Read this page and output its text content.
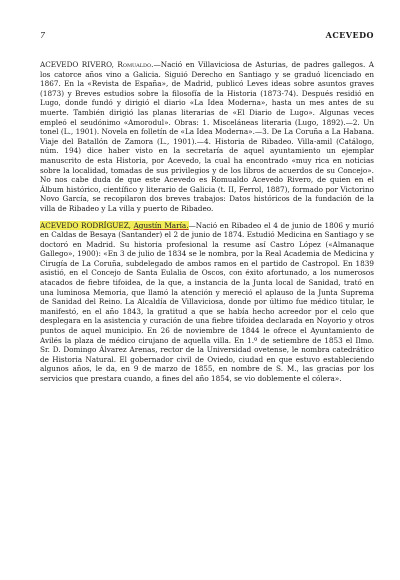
7	ACEVEDO

ACEVEDO RIVERO, Romualdo.—Nació en Villaviciosa de Asturias, de padres gallegos. A los catorce años vino a Galicia. Siguió Derecho en Santiago y se graduó licenciado en 1867. En la «Revista de España», de Madrid, publicó Leves ideas sobre asuntos graves (1873) y Breves estudios sobre la filosofía de la Historia (1873-74). Después residió en Lugo, donde fundó y dirigió el diario «La Idea Moderna», hasta un mes antes de su muerte. También dirigió las planas literarias de «El Diario de Lugo». Algunas veces empleó el seudónimo «Amorodul». Obras: 1. Misceláneas literaria (Lugo, 1892).—2. Un tonel (L., 1901). Novela en folletín de «La Idea Moderna».—3. De La Coruña a La Habana. Viaje del Batallón de Zamora (L., 1901).—4. Historia de Ribadeo. Villa-amil (Catálogo, núm. 194) dice haber visto en la secretaría de aquel ayuntamiento un ejemplar manuscrito de esta Historia, por Acevedo, la cual ha encontrado «muy rica en noticias sobre la localidad, tomadas de sus privilegios y de los libros de acuerdos de su Concejo». No nos cabe duda de que este Acevedo es Romualdo Acevedo Rivero, de quien en el Álbum histórico, científico y literario de Galicia (t. II, Ferrol, 1887), formado por Victorino Novo García, se recopilaron dos breves trabajos: Datos históricos de la fundación de la villa de Ribadeo y La villa y puerto de Ribadeo.

ACEVEDO RODRÍGUEZ, Agustín María.—Nació en Ribadeo el 4 de junio de 1806 y murió en Caldas de Besaya (Santander) el 2 de junio de 1874. Estudió Medicina en Santiago y se doctoró en Madrid. Su historia profesional la resume así Castro López («Almanaque Gallego», 1900): «En 3 de julio de 1834 se le nombra, por la Real Academia de Medicina y Cirugía de La Coruña, subdelegado de ambos ramos en el partido de Castropol. En 1839 asistió, en el Concejo de Santa Eulalia de Oscos, con éxito afortunado, a los numerosos atacados de fiebre tifoidea, de la que, a instancia de la Junta local de Sanidad, trató en una luminosa Memoria, que llamó la atención y mereció el aplauso de la Junta Suprema de Sanidad del Reino. La Alcaldía de Villaviciosa, donde por último fue médico titular, le manifestó, en el año 1843, la gratitud a que se había hecho acreedor por el celo que desplegara en la asistencia y curación de una fiebre tifoidea declarada en Noyorio y otros puntos de aquel municipio. En 26 de noviembre de 1844 le ofrece el Ayuntamiento de Avilés la plaza de médico cirujano de aquella villa. En 1.º de setiembre de 1853 el Ilmo. Sr. D. Domingo Álvarez Arenas, rector de la Universidad ovetense, le nombra catedrático de Historia Natural. El gobernador civil de Oviedo, ciudad en que estuvo estableciendo algunos años, le da, en 9 de marzo de 1855, en nombre de S. M., las gracias por los servicios que prestara cuando, a fines del año 1854, se vio doblemente el cólera».
